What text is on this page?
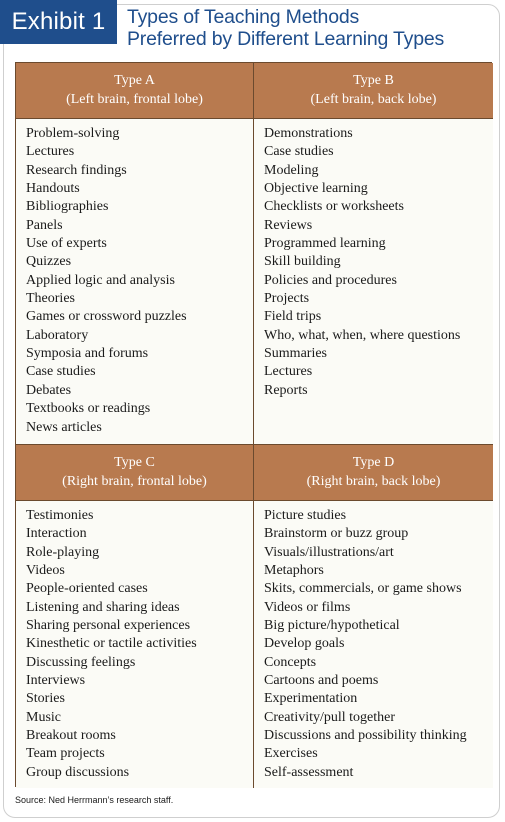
Exhibit 1	Types of Teaching Methods
Preferred by Different Learning Types
Type A
(Left brain, frontal lobe)
Type B
(Left brain, back lobe)
Problem-solving
Lectures
Research findings
Handouts
Bibliographies
Panels
Use of experts
Quizzes
Applied logic and analysis
Theories
Games or crossword puzzles
Laboratory
Symposia and forums
Case studies
Debates
Textbooks or readings
News articles
Demonstrations
Case studies
Modeling
Objective learning
Checklists or worksheets
Reviews
Programmed learning
Skill building
Policies and procedures
Projects
Field trips
Who, what, when, where questions
Summaries
Lectures
Reports
Type C
(Right brain, frontal lobe)
Type D
(Right brain, back lobe)
Testimonies
Interaction
Role-playing
Videos
People-oriented cases
Listening and sharing ideas
Sharing personal experiences
Kinesthetic or tactile activities
Discussing feelings
Interviews
Stories
Music
Breakout rooms
Team projects
Group discussions
Picture studies
Brainstorm or buzz group
Visuals/illustrations/art
Metaphors
Skits, commercials, or game shows
Videos or films
Big picture/hypothetical
Develop goals
Concepts
Cartoons and poems
Experimentation
Creativity/pull together
Discussions and possibility thinking
Exercises
Self-assessment
Source: Ned Herrmann’s research staff.
